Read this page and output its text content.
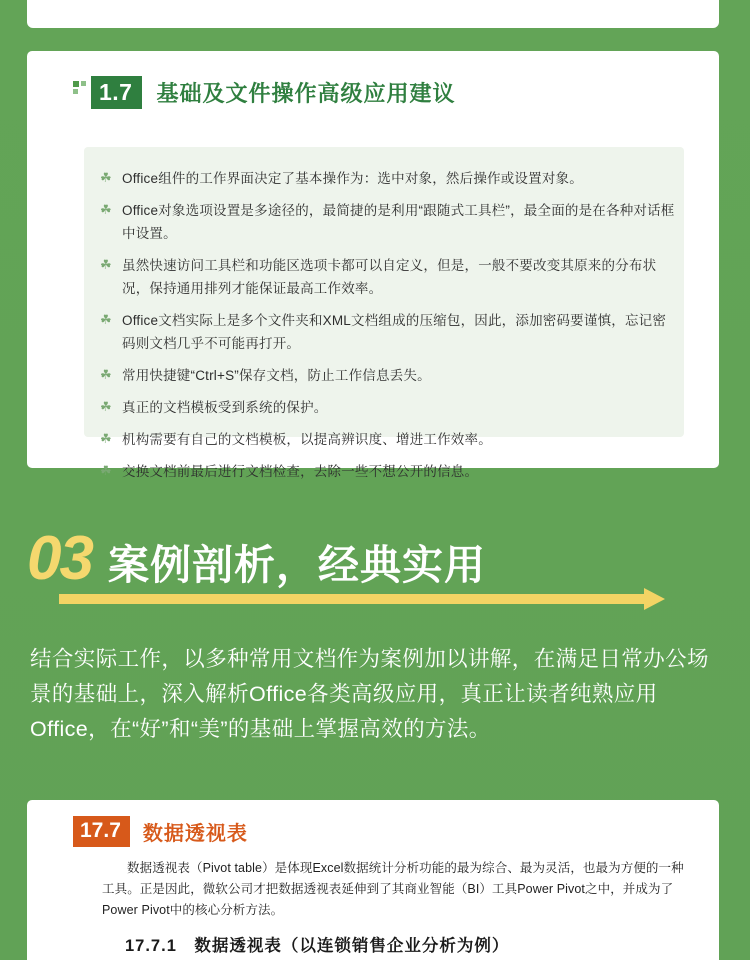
1.7	基础及文件操作高级应用建议
☘ Office组件的工作界面决定了基本操作为：选中对象，然后操作或设置对象。
☘ Office对象选项设置是多途径的，最简捷的是利用“跟随式工具栏”，最全面的是在各种对话框中设置。
☘ 虽然快速访问工具栏和功能区选项卡都可以自定义，但是，一般不要改变其原来的分布状况，保持通用排列才能保证最高工作效率。
☘ Office文档实际上是多个文件夹和XML文档组成的压缩包，因此，添加密码要谨慎，忘记密码则文档几乎不可能再打开。
☘ 常用快捷键“Ctrl+S”保存文档，防止工作信息丢失。
☘ 真正的文档模板受到系统的保护。
☘ 机构需要有自己的文档模板，以提高辨识度、增进工作效率。
☘ 交换文档前最后进行文档检查，去除一些不想公开的信息。
03 案例剖析，经典实用
结合实际工作，以多种常用文档作为案例加以讲解，在满足日常办公场景的基础上，深入解析Office各类高级应用，真正让读者纯熟应用Office，在“好”和“美”的基础上掌握高效的方法。
17.7	数据透视表
数据透视表（Pivot table）是体现Excel数据统计分析功能的最为综合、最为灵活，也最为方便的一种工具。正是因此，微软公司才把数据透视表延伸到了其商业智能（BI）工具Power Pivot之中，并成为了Power Pivot中的核心分析方法。
17.7.1　数据透视表（以连锁销售企业分析为例）
